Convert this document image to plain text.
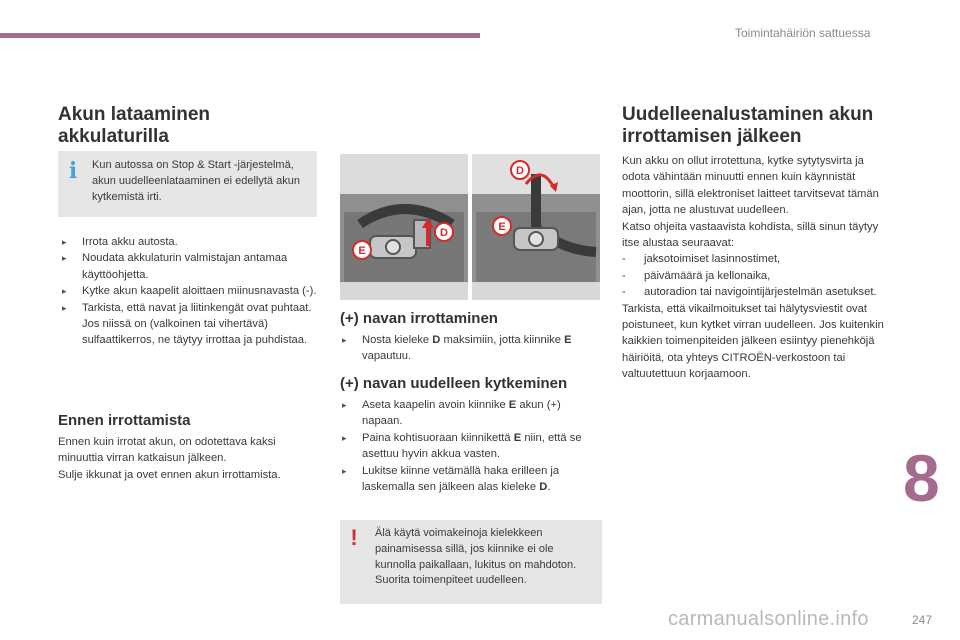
Toimintahäiriön sattuessa
Akun lataaminen
akkulaturilla
i Kun autossa on Stop & Start -järjestelmä, akun uudelleenlataaminen ei edellytä akun kytkemistä irti.
▸	Irrota akku autosta.
▸	Noudata akkulaturin valmistajan antamaa käyttöohjetta.
▸	Kytke akun kaapelit aloittaen miinusnavasta (-).
▸	Tarkista, että navat ja liitinkengät ovat puhtaat. Jos niissä on (valkoinen tai vihertävä) sulfaattikerros, ne täytyy irrottaa ja puhdistaa.
Ennen irrottamista

Ennen kuin irrotat akun, on odotettava kaksi minuuttia virran katkaisun jälkeen.

Sulje ikkunat ja ovet ennen akun irrottamista.

E
D
D
E
(+) navan irrottaminen
▸	Nosta kieleke D maksimiin, jotta kiinnike E vapautuu.
(+) navan uudelleen kytkeminen
▸	Aseta kaapelin avoin kiinnike E akun (+) napaan.
▸	Paina kohtisuoraan kiinnikettä E niin, että se asettuu hyvin akkua vasten.
▸	Lukitse kiinne vetämällä haka erilleen ja laskemalla sen jälkeen alas kieleke D.
!	Älä käytä voimakeinoja kielekkeen painamisessa sillä, jos kiinnike ei ole kunnolla paikallaan, lukitus on mahdoton. Suorita toimenpiteet uudelleen.
Uudelleenalustaminen akun
irrottamisen jälkeen

Kun akku on ollut irrotettuna, kytke sytytysvirta ja odota vähintään minuutti ennen kuin käynnistät moottorin, sillä elektroniset laitteet tarvitsevat tämän ajan, jotta ne alustuvat uudelleen.

Katso ohjeita vastaavista kohdista, sillä sinun täytyy itse alustaa seuraavat:

- jaksotoimiset lasinnostimet,
- päivämäärä ja kellonaika,
- autoradion tai navigointijärjestelmän asetukset.

Tarkista, että vikailmoitukset tai hälytysviestit ovat poistuneet, kun kytket virran uudelleen. Jos kuitenkin kaikkien toimenpiteiden jälkeen esiintyy pienehköjä häiriöitä, ota yhteys CITROËN-verkostoon tai valtuutettuun korjaamoon.

8
carmanualsonline.info	247
